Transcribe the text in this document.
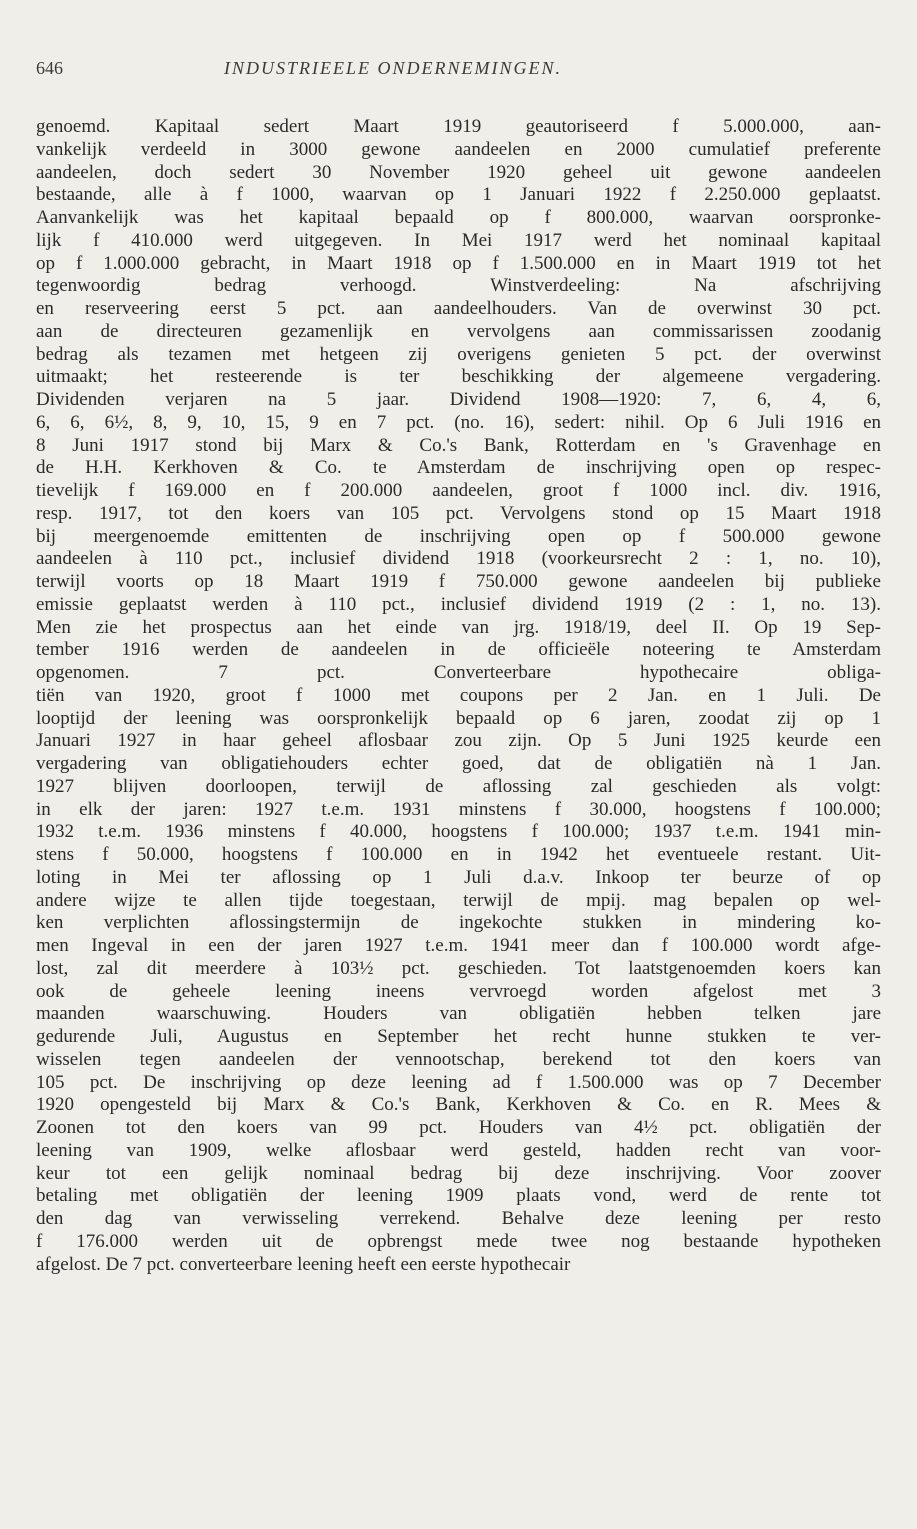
646	INDUSTRIEELE ONDERNEMINGEN.
genoemd. Kapitaal sedert Maart 1919 geautoriseerd f 5.000.000, aan-
vankelijk verdeeld in 3000 gewone aandeelen en 2000 cumulatief preferente
aandeelen, doch sedert 30 November 1920 geheel uit gewone aandeelen
bestaande, alle à f 1000, waarvan op 1 Januari 1922 f 2.250.000 geplaatst.
Aanvankelijk was het kapitaal bepaald op f 800.000, waarvan oorspronke-
lijk f 410.000 werd uitgegeven. In Mei 1917 werd het nominaal kapitaal
op f 1.000.000 gebracht, in Maart 1918 op f 1.500.000 en in Maart 1919 tot het
tegenwoordig bedrag verhoogd. Winstverdeeling: Na afschrijving
en reserveering eerst 5 pct. aan aandeelhouders. Van de overwinst 30 pct.
aan de directeuren gezamenlijk en vervolgens aan commissarissen zoodanig
bedrag als tezamen met hetgeen zij overigens genieten 5 pct. der overwinst
uitmaakt; het resteerende is ter beschikking der algemeene vergadering.
Dividenden verjaren na 5 jaar. Dividend 1908—1920: 7, 6, 4, 6,
6, 6, 6½, 8, 9, 10, 15, 9 en 7 pct. (no. 16), sedert: nihil. Op 6 Juli 1916 en
8 Juni 1917 stond bij Marx & Co.'s Bank, Rotterdam en 's Gravenhage en
de H.H. Kerkhoven & Co. te Amsterdam de inschrijving open op respec-
tievelijk f 169.000 en f 200.000 aandeelen, groot f 1000 incl. div. 1916,
resp. 1917, tot den koers van 105 pct. Vervolgens stond op 15 Maart 1918
bij meergenoemde emittenten de inschrijving open op f 500.000 gewone
aandeelen à 110 pct., inclusief dividend 1918 (voorkeursrecht 2 : 1, no. 10),
terwijl voorts op 18 Maart 1919 f 750.000 gewone aandeelen bij publieke
emissie geplaatst werden à 110 pct., inclusief dividend 1919 (2 : 1, no. 13).
Men zie het prospectus aan het einde van jrg. 1918/19, deel II. Op 19 Sep-
tember 1916 werden de aandeelen in de officieële noteering te Amsterdam
opgenomen. 7 pct. Converteerbare hypothecaire obliga-
tiën van 1920, groot f 1000 met coupons per 2 Jan. en 1 Juli. De
looptijd der leening was oorspronkelijk bepaald op 6 jaren, zoodat zij op 1
Januari 1927 in haar geheel aflosbaar zou zijn. Op 5 Juni 1925 keurde een
vergadering van obligatiehouders echter goed, dat de obligatiën nà 1 Jan.
1927 blijven doorloopen, terwijl de aflossing zal geschieden als volgt:
in elk der jaren: 1927 t.e.m. 1931 minstens f 30.000, hoogstens f 100.000;
1932 t.e.m. 1936 minstens f 40.000, hoogstens f 100.000; 1937 t.e.m. 1941 min-
stens f 50.000, hoogstens f 100.000 en in 1942 het eventueele restant. Uit-
loting in Mei ter aflossing op 1 Juli d.a.v. Inkoop ter beurze of op
andere wijze te allen tijde toegestaan, terwijl de mpij. mag bepalen op wel-
ken verplichten aflossingstermijn de ingekochte stukken in mindering ko-
men Ingeval in een der jaren 1927 t.e.m. 1941 meer dan f 100.000 wordt afge-
lost, zal dit meerdere à 103½ pct. geschieden. Tot laatstgenoemden koers kan
ook de geheele leening ineens vervroegd worden afgelost met 3
maanden waarschuwing. Houders van obligatiën hebben telken jare
gedurende Juli, Augustus en September het recht hunne stukken te ver-
wisselen tegen aandeelen der vennootschap, berekend tot den koers van
105 pct. De inschrijving op deze leening ad f 1.500.000 was op 7 December
1920 opengesteld bij Marx & Co.'s Bank, Kerkhoven & Co. en R. Mees &
Zoonen tot den koers van 99 pct. Houders van 4½ pct. obligatiën der
leening van 1909, welke aflosbaar werd gesteld, hadden recht van voor-
keur tot een gelijk nominaal bedrag bij deze inschrijving. Voor zoover
betaling met obligatiën der leening 1909 plaats vond, werd de rente tot
den dag van verwisseling verrekend. Behalve deze leening per resto
f 176.000 werden uit de opbrengst mede twee nog bestaande hypotheken
afgelost. De 7 pct. converteerbare leening heeft een eerste hypothecair
